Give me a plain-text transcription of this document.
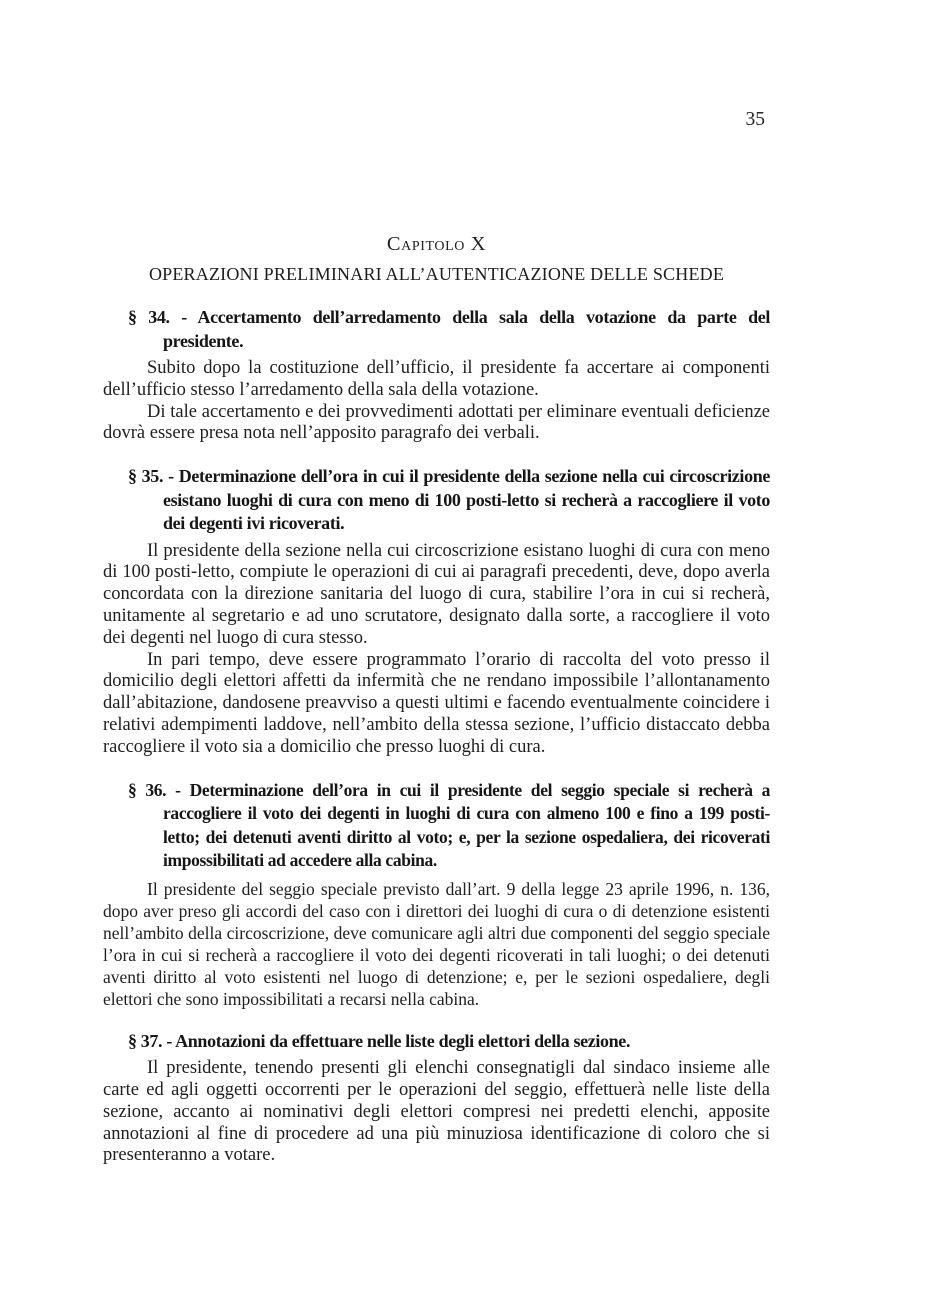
35
Capitolo X
OPERAZIONI PRELIMINARI ALL’AUTENTICAZIONE DELLE SCHEDE
§ 34. - Accertamento dell’arredamento della sala della votazione da parte del presidente.

Subito dopo la costituzione dell’ufficio, il presidente fa accertare ai componenti dell’ufficio stesso l’arredamento della sala della votazione.

Di tale accertamento e dei provvedimenti adottati per eliminare eventuali deficienze dovrà essere presa nota nell’apposito paragrafo dei verbali.

§ 35. - Determinazione dell’ora in cui il presidente della sezione nella cui circoscrizione esistano luoghi di cura con meno di 100 posti-letto si recherà a raccogliere il voto dei degenti ivi ricoverati.

Il presidente della sezione nella cui circoscrizione esistano luoghi di cura con meno di 100 posti-letto, compiute le operazioni di cui ai paragrafi precedenti, deve, dopo averla concordata con la direzione sanitaria del luogo di cura, stabilire l’ora in cui si recherà, unitamente al segretario e ad uno scrutatore, designato dalla sorte, a raccogliere il voto dei degenti nel luogo di cura stesso.

In pari tempo, deve essere programmato l’orario di raccolta del voto presso il domicilio degli elettori affetti da infermità che ne rendano impossibile l’allontanamento dall’abitazione, dandosene preavviso a questi ultimi e facendo eventualmente coincidere i relativi adempimenti laddove, nell’ambito della stessa sezione, l’ufficio distaccato debba raccogliere il voto sia a domicilio che presso luoghi di cura.

§ 36. - Determinazione dell’ora in cui il presidente del seggio speciale si recherà a raccogliere il voto dei degenti in luoghi di cura con almeno 100 e fino a 199 posti-letto; dei detenuti aventi diritto al voto; e, per la sezione ospedaliera, dei ricoverati impossibilitati ad accedere alla cabina.

Il presidente del seggio speciale previsto dall’art. 9 della legge 23 aprile 1996, n. 136, dopo aver preso gli accordi del caso con i direttori dei luoghi di cura o di detenzione esistenti nell’ambito della circoscrizione, deve comunicare agli altri due componenti del seggio speciale l’ora in cui si recherà a raccogliere il voto dei degenti ricoverati in tali luoghi; o dei detenuti aventi diritto al voto esistenti nel luogo di detenzione; e, per le sezioni ospedaliere, degli elettori che sono impossibilitati a recarsi nella cabina.

§ 37. - Annotazioni da effettuare nelle liste degli elettori della sezione.

Il presidente, tenendo presenti gli elenchi consegnatigli dal sindaco insieme alle carte ed agli oggetti occorrenti per le operazioni del seggio, effettuerà nelle liste della sezione, accanto ai nominativi degli elettori compresi nei predetti elenchi, apposite annotazioni al fine di procedere ad una più minuziosa identificazione di coloro che si presenteranno a votare.
